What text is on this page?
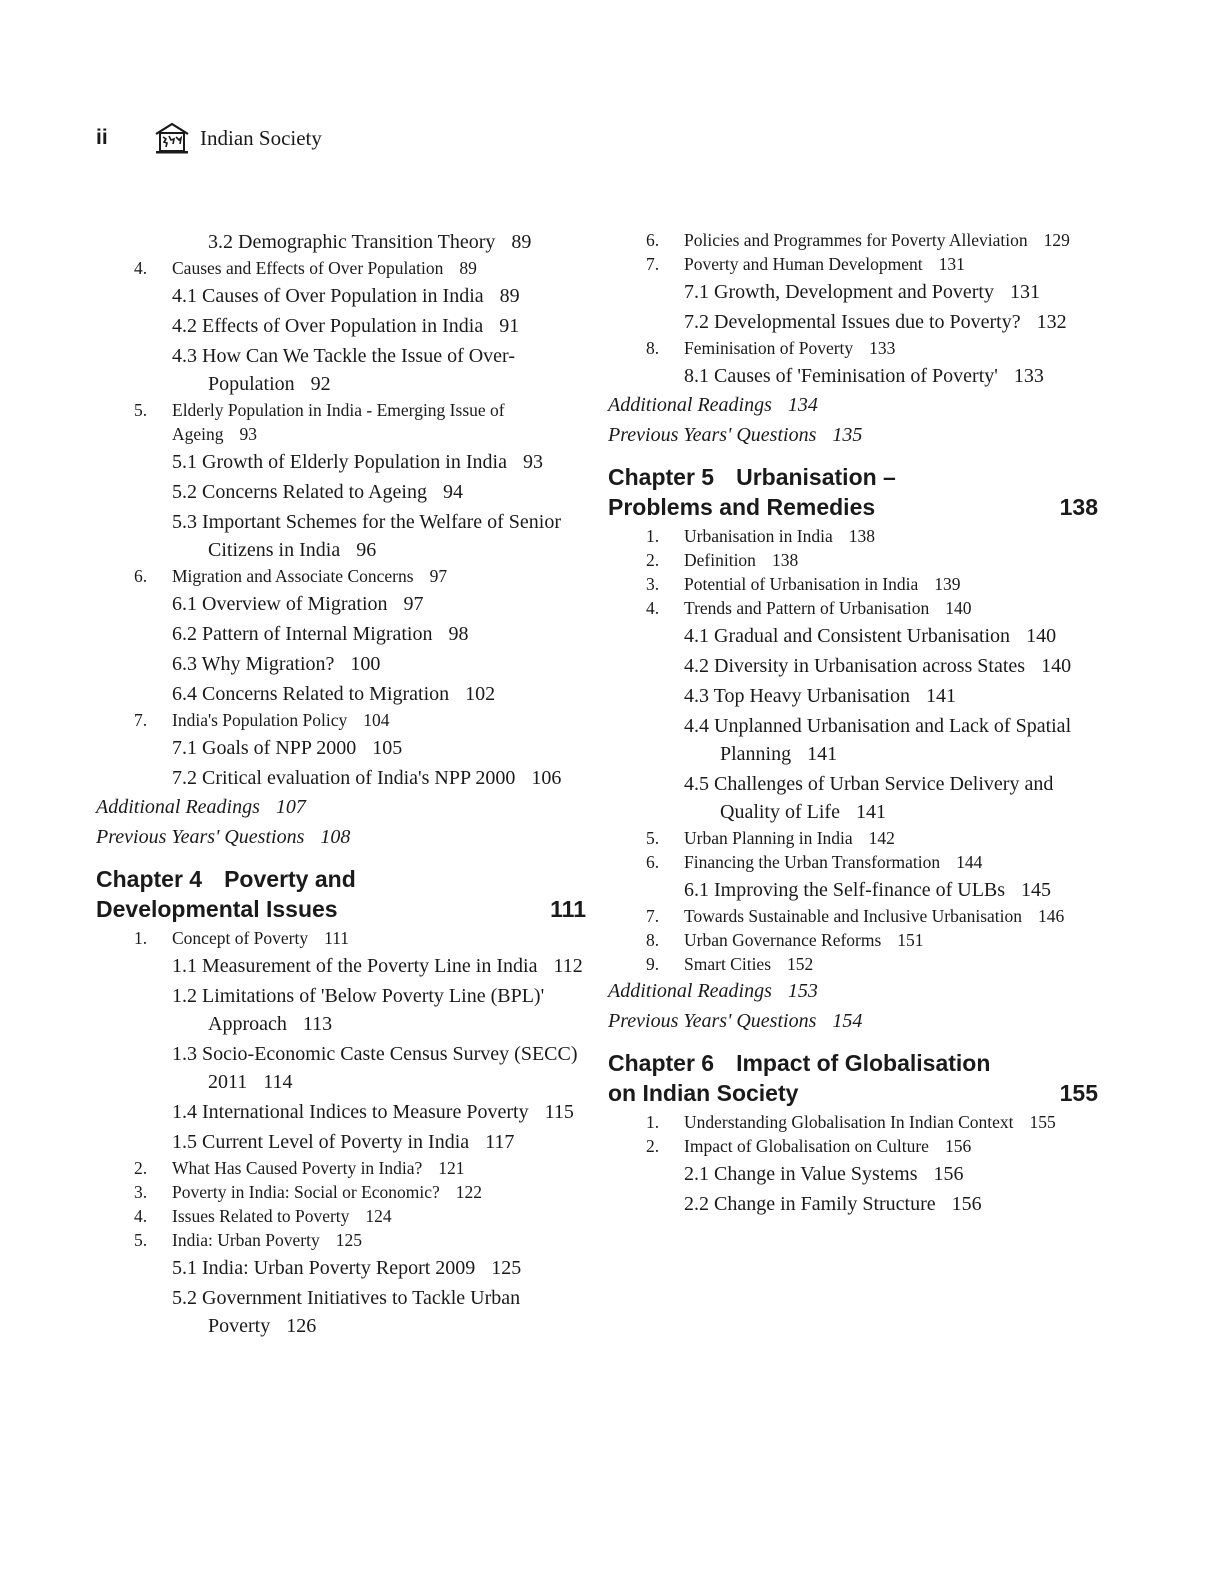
ii	Indian Society
3.2 Demographic Transition Theory 89
4. Causes and Effects of Over Population 89
4.1 Causes of Over Population in India 89
4.2 Effects of Over Population in India 91
4.3 How Can We Tackle the Issue of Over-Population 92
5. Elderly Population in India - Emerging Issue of Ageing 93
5.1 Growth of Elderly Population in India 93
5.2 Concerns Related to Ageing 94
5.3 Important Schemes for the Welfare of Senior Citizens in India 96
6. Migration and Associate Concerns 97
6.1 Overview of Migration 97
6.2 Pattern of Internal Migration 98
6.3 Why Migration? 100
6.4 Concerns Related to Migration 102
7. India's Population Policy 104
7.1 Goals of NPP 2000 105
7.2 Critical evaluation of India's NPP 2000 106
Additional Readings 107
Previous Years' Questions 108
Chapter 4 Poverty and Developmental Issues	111
1. Concept of Poverty 111
1.1 Measurement of the Poverty Line in India 112
1.2 Limitations of 'Below Poverty Line (BPL)' Approach 113
1.3 Socio-Economic Caste Census Survey (SECC) 2011 114
1.4 International Indices to Measure Poverty 115
1.5 Current Level of Poverty in India 117
2. What Has Caused Poverty in India? 121
3. Poverty in India: Social or Economic? 122
4. Issues Related to Poverty 124
5. India: Urban Poverty 125
5.1 India: Urban Poverty Report 2009 125
5.2 Government Initiatives to Tackle Urban Poverty 126
6. Policies and Programmes for Poverty Alleviation 129
7. Poverty and Human Development 131
7.1 Growth, Development and Poverty 131
7.2 Developmental Issues due to Poverty? 132
8. Feminisation of Poverty 133
8.1 Causes of 'Feminisation of Poverty' 133
Additional Readings 134
Previous Years' Questions 135
Chapter 5 Urbanisation – Problems and Remedies	138
1. Urbanisation in India 138
2. Definition 138
3. Potential of Urbanisation in India 139
4. Trends and Pattern of Urbanisation 140
4.1 Gradual and Consistent Urbanisation 140
4.2 Diversity in Urbanisation across States 140
4.3 Top Heavy Urbanisation 141
4.4 Unplanned Urbanisation and Lack of Spatial Planning 141
4.5 Challenges of Urban Service Delivery and Quality of Life 141
5. Urban Planning in India 142
6. Financing the Urban Transformation 144
6.1 Improving the Self-finance of ULBs 145
7. Towards Sustainable and Inclusive Urbanisation 146
8. Urban Governance Reforms 151
9. Smart Cities 152
Additional Readings 153
Previous Years' Questions 154
Chapter 6 Impact of Globalisation on Indian Society	155
1. Understanding Globalisation In Indian Context 155
2. Impact of Globalisation on Culture 156
2.1 Change in Value Systems 156
2.2 Change in Family Structure 156
